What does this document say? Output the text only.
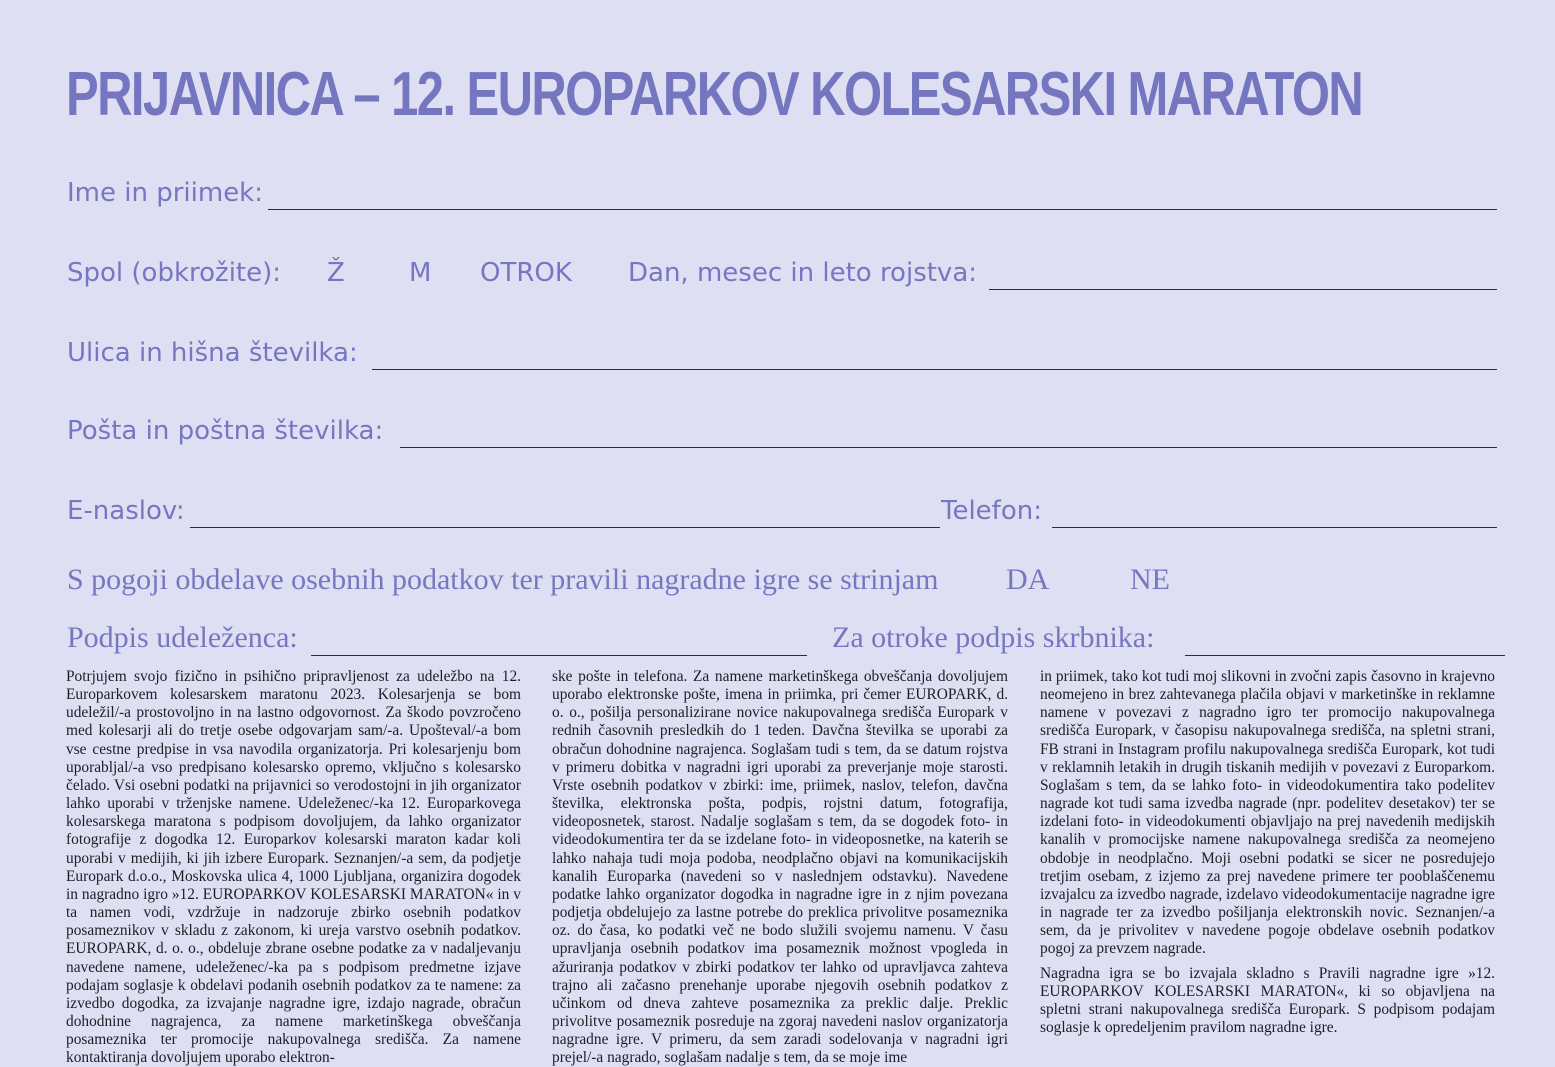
PRIJAVNICA – 12. EUROPARKOV KOLESARSKI MARATON
Ime in priimek:
Spol (obkrožite): Ž M OTROK Dan, mesec in leto rojstva:
Ulica in hišna številka:
Pošta in poštna številka:
E-naslov:	Telefon:
S pogoji obdelave osebnih podatkov ter pravili nagradne igre se strinjam DA	NE
Podpis udeleženca:	Za otroke podpis skrbnika:

Potrjujem svojo fizično in psihično pripravljenost za udeležbo na 12. Europarkovem kolesarskem maratonu 2023. Kolesarjenja se bom udeležil/-a prostovoljno in na lastno odgovornost. Za škodo povzročeno med kolesarji ali do tretje osebe odgovarjam sam/-a. Upošteval/-a bom vse cestne predpise in vsa navodila organizatorja. Pri kolesarjenju bom uporabljal/-a vso predpisano kolesarsko opremo, vključno s kolesarsko čelado. Vsi osebni podatki na prijavnici so verodostojni in jih organizator lahko uporabi v trženjske namene. Udeleženec/-ka 12. Europarkovega kolesarskega maratona s podpisom dovoljujem, da lahko organizator fotografije z dogodka 12. Europarkov kolesarski maraton kadar koli uporabi v medijih, ki jih izbere Europark. Seznanjen/-a sem, da podjetje Europark d.o.o., Moskovska ulica 4, 1000 Ljubljana, organizira dogodek in nagradno igro »12. EUROPARKOV KOLESARSKI MARATON« in v ta namen vodi, vzdržuje in nadzoruje zbirko osebnih podatkov posameznikov v skladu z zakonom, ki ureja varstvo osebnih podatkov. EUROPARK, d. o. o., obdeluje zbrane osebne podatke za v nadaljevanju navedene namene, udeleženec/-ka pa s podpisom predmetne izjave podajam soglasje k obdelavi podanih osebnih podatkov za te namene: za izvedbo dogodka, za izvajanje nagradne igre, izdajo nagrade, obračun dohodnine nagrajenca, za namene marketinškega obveščanja posameznika ter promocije nakupovalnega središča. Za namene kontaktiranja dovoljujem uporabo elektron-

ske pošte in telefona. Za namene marketinškega obveščanja dovoljujem uporabo elektronske pošte, imena in priimka, pri čemer EUROPARK, d. o. o., pošilja personalizirane novice nakupovalnega središča Europark v rednih časovnih presledkih do 1 teden. Davčna številka se uporabi za obračun dohodnine nagrajenca. Soglašam tudi s tem, da se datum rojstva v primeru dobitka v nagradni igri uporabi za preverjanje moje starosti. Vrste osebnih podatkov v zbirki: ime, priimek, naslov, telefon, davčna številka, elektronska pošta, podpis, rojstni datum, fotografija, videoposnetek, starost. Nadalje soglašam s tem, da se dogodek foto- in videodokumentira ter da se izdelane foto- in videoposnetke, na katerih se lahko nahaja tudi moja podoba, neodplačno objavi na komunikacijskih kanalih Europarka (navedeni so v naslednjem odstavku). Navedene podatke lahko organizator dogodka in nagradne igre in z njim povezana podjetja obdelujejo za lastne potrebe do preklica privolitve posameznika oz. do časa, ko podatki več ne bodo služili svojemu namenu. V času upravljanja osebnih podatkov ima posameznik možnost vpogleda in ažuriranja podatkov v zbirki podatkov ter lahko od upravljavca zahteva trajno ali začasno prenehanje uporabe njegovih osebnih podatkov z učinkom od dneva zahteve posameznika za preklic dalje. Preklic privolitve posameznik posreduje na zgoraj navedeni naslov organizatorja nagradne igre. V primeru, da sem zaradi sodelovanja v nagradni igri prejel/-a nagrado, soglašam nadalje s tem, da se moje ime

in priimek, tako kot tudi moj slikovni in zvočni zapis časovno in krajevno neomejeno in brez zahtevanega plačila objavi v marketinške in reklamne namene v povezavi z nagradno igro ter promocijo nakupovalnega središča Europark, v časopisu nakupovalnega središča, na spletni strani, FB strani in Instagram profilu nakupovalnega središča Europark, kot tudi v reklamnih letakih in drugih tiskanih medijih v povezavi z Europarkom. Soglašam s tem, da se lahko foto- in videodokumentira tako podelitev nagrade kot tudi sama izvedba nagrade (npr. podelitev desetakov) ter se izdelani foto- in videodokumenti objavljajo na prej navedenih medijskih kanalih v promocijske namene nakupovalnega središča za neomejeno obdobje in neodplačno. Moji osebni podatki se sicer ne posredujejo tretjim osebam, z izjemo za prej navedene primere ter pooblaščenemu izvajalcu za izvedbo nagrade, izdelavo videodokumentacije nagradne igre in nagrade ter za izvedbo pošiljanja elektronskih novic. Seznanjen/-a sem, da je privolitev v navedene pogoje obdelave osebnih podatkov pogoj za prevzem nagrade.

Nagradna igra se bo izvajala skladno s Pravili nagradne igre »12. EUROPARKOV KOLESARSKI MARATON«, ki so objavljena na spletni strani nakupovalnega središča Europark. S podpisom podajam soglasje k opredeljenim pravilom nagradne igre.
